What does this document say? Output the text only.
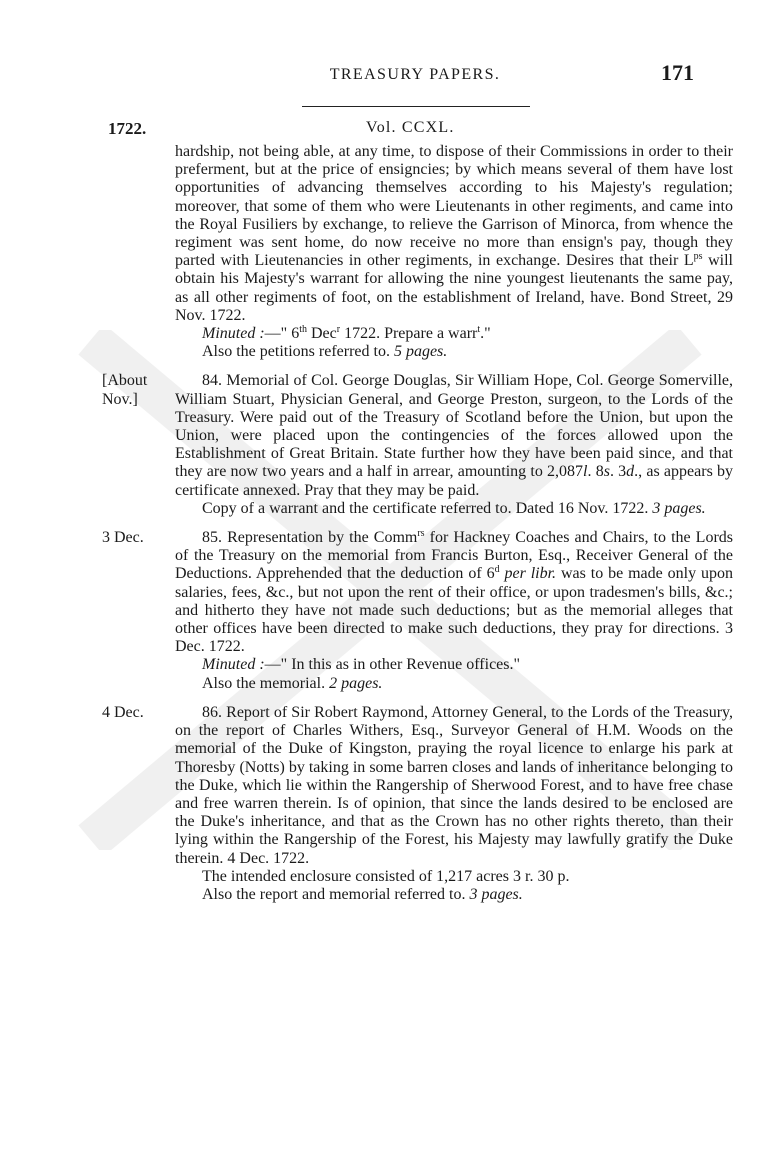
TREASURY PAPERS.	171
1722.	Vol. CCXL.

hardship, not being able, at any time, to dispose of their Commissions in order to their preferment, but at the price of ensigncies; by which means several of them have lost opportunities of advancing themselves according to his Majesty's regulation; moreover, that some of them who were Lieutenants in other regiments, and came into the Royal Fusiliers by exchange, to relieve the Garrison of Minorca, from whence the regiment was sent home, do now receive no more than ensign's pay, though they parted with Lieutenancies in other regiments, in exchange. Desires that their $L^{ps}$ will obtain his Majesty's warrant for allowing the nine youngest lieutenants the same pay, as all other regiments of foot, on the establishment of Ireland, have. Bond Street, 29 Nov. 1722.

Minuted :—" 6th Dec$^r$ 1722. Prepare a warr$^t$."

Also the petitions referred to. 5 pages.

[About Nov.]

84. Memorial of Col. George Douglas, Sir William Hope, Col. George Somerville, William Stuart, Physician General, and George Preston, surgeon, to the Lords of the Treasury. Were paid out of the Treasury of Scotland before the Union, but upon the Union, were placed upon the contingencies of the forces allowed upon the Establishment of Great Britain. State further how they have been paid since, and that they are now two years and a half in arrear, amounting to 2,087l. 8s. 3d., as appears by certificate annexed. Pray that they may be paid.

Copy of a warrant and the certificate referred to. Dated 16 Nov. 1722. 3 pages.

3 Dec.	85. Representation by the Comm$^{rs}$ for Hackney Coaches and Chairs, to the Lords of the Treasury on the memorial from Francis Burton, Esq., Receiver General of the Deductions. Apprehended that the deduction of 6$^d$ per libr. was to be made only upon salaries, fees, &c., but not upon the rent of their office, or upon tradesmen's bills, &c.; and hitherto they have not made such deductions; but as the memorial alleges that other offices have been directed to make such deductions, they pray for directions. 3 Dec. 1722.

Minuted :—" In this as in other Revenue offices."

Also the memorial. 2 pages.

4 Dec.	86. Report of Sir Robert Raymond, Attorney General, to the Lords of the Treasury, on the report of Charles Withers, Esq., Surveyor General of H.M. Woods on the memorial of the Duke of Kingston, praying the royal licence to enlarge his park at Thoresby (Notts) by taking in some barren closes and lands of inheritance belonging to the Duke, which lie within the Rangership of Sherwood Forest, and to have free chase and free warren therein. Is of opinion, that since the lands desired to be enclosed are the Duke's inheritance, and that as the Crown has no other rights thereto, than their lying within the Rangership of the Forest, his Majesty may lawfully gratify the Duke therein. 4 Dec. 1722.

The intended enclosure consisted of 1,217 acres 3 r. 30 p.

Also the report and memorial referred to. 3 pages.
